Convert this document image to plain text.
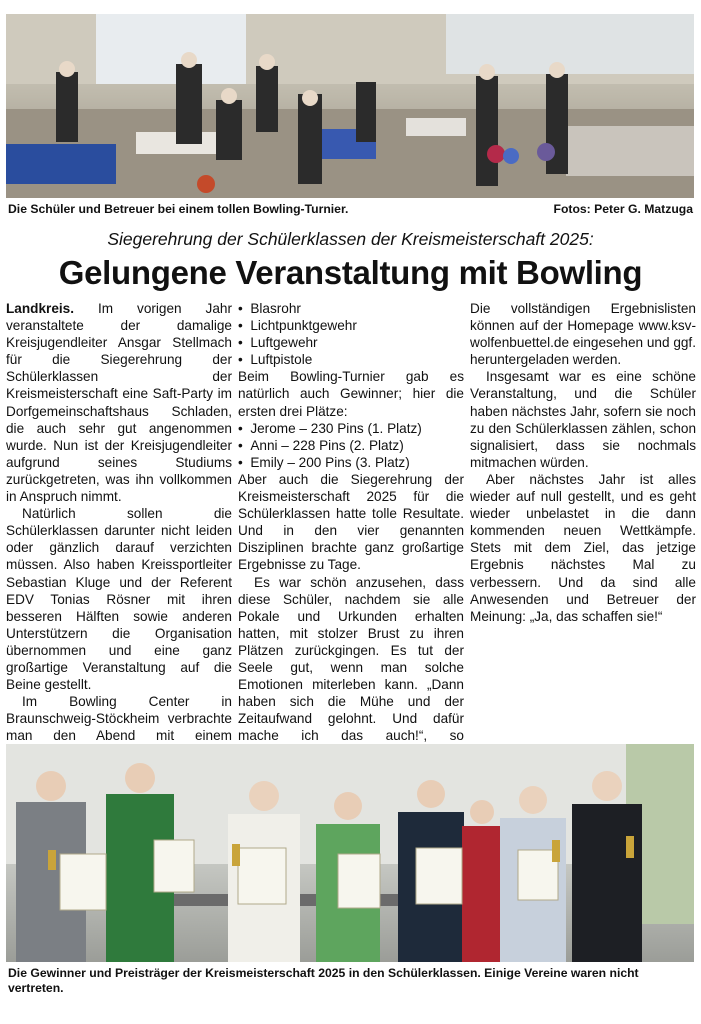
Die Schüler und Betreuer bei einem tollen Bowling-Turnier.	Fotos: Peter G. Matzuga
Siegerehrung der Schülerklassen der Kreismeisterschaft 2025:
Gelungene Veranstaltung mit Bowling

Landkreis. Im vorigen Jahr veranstaltete der damalige Kreisjugendleiter Ansgar Stellmach für die Siegerehrung der Schülerklassen der Kreismeisterschaft eine Saft-Party im Dorfgemeinschaftshaus Schladen, die auch sehr gut angenommen wurde. Nun ist der Kreisjugendleiter aufgrund seines Studiums zurückgetreten, was ihn vollkommen in Anspruch nimmt.

Natürlich sollen die Schülerklassen darunter nicht leiden oder gänzlich darauf verzichten müssen. Also haben Kreissportleiter Sebastian Kluge und der Referent EDV Tonias Rösner mit ihren besseren Hälften sowie anderen Unterstützern die Organisation übernommen und eine ganz großartige Veranstaltung auf die Beine gestellt.

Im Bowling Center in Braunschweig-Stöckheim verbrachte man den Abend mit einem

•  Blasrohr
•  Lichtpunktgewehr
•  Luftgewehr
•  Luftpistole

Beim Bowling-Turnier gab es natürlich auch Gewinner; hier die ersten drei Plätze:

•  Jerome – 230 Pins (1. Platz)
•  Anni – 228 Pins (2. Platz)
•  Emily – 200 Pins (3. Platz)

Aber auch die Siegerehrung der Kreismeisterschaft 2025 für die Schülerklassen hatte tolle Resultate. Und in den vier genannten Disziplinen brachte ganz großartige Ergebnisse zu Tage.

Es war schön anzusehen, dass diese Schüler, nachdem sie alle Pokale und Urkunden erhalten hatten, mit stolzer Brust zu ihren Plätzen zurückgingen. Es tut der Seele gut, wenn man solche Emotionen miterleben kann. „Dann haben sich die Mühe und der Zeitaufwand gelohnt. Und dafür mache ich das auch!“, so

Die vollständigen Ergebnislisten können auf der Homepage www.ksv-wolfenbuettel.de eingesehen und ggf. heruntergeladen werden.

Insgesamt war es eine schöne Veranstaltung, und die Schüler haben nächstes Jahr, sofern sie noch zu den Schülerklassen zählen, schon signalisiert, dass sie nochmals mitmachen würden.

Aber nächstes Jahr ist alles wieder auf null gestellt, und es geht wieder unbelastet in die dann kommenden neuen Wettkämpfe. Stets mit dem Ziel, das jetzige Ergebnis nächstes Mal zu verbessern. Und da sind alle Anwesenden und Betreuer der Meinung: „Ja, das schaffen sie!“

Die Gewinner und Preisträger der Kreismeisterschaft 2025 in den Schülerklassen. Einige Vereine waren nicht vertreten.
